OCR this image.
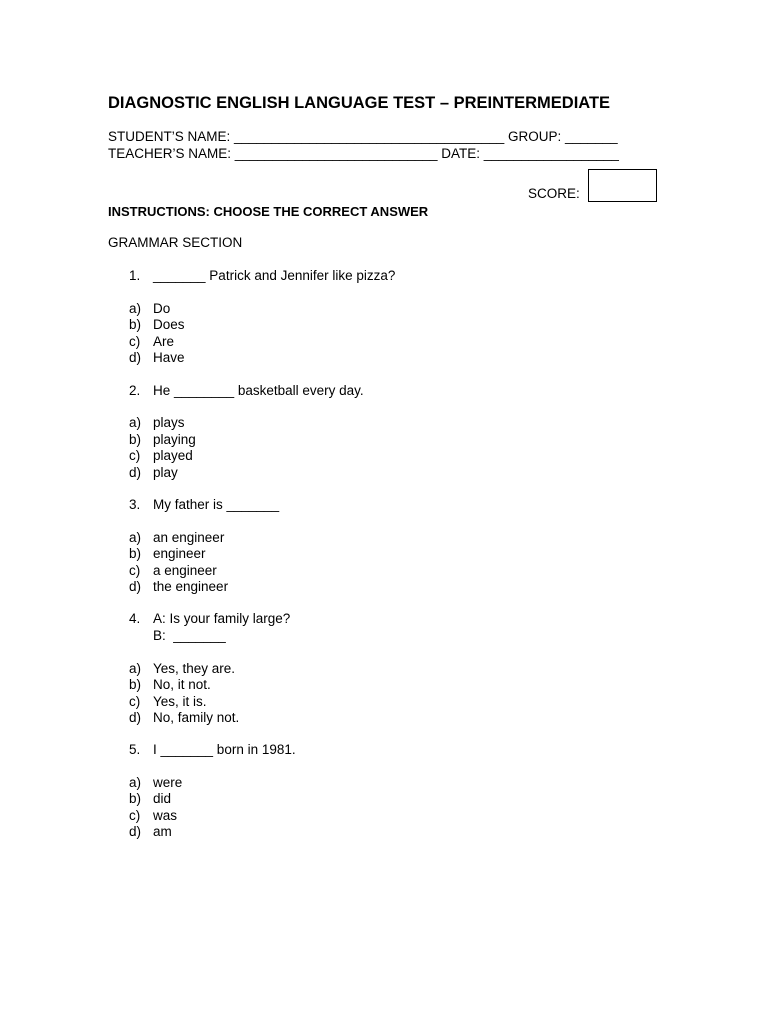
DIAGNOSTIC ENGLISH LANGUAGE TEST – PREINTERMEDIATE
STUDENT’S NAME: ____________________________________ GROUP: _______
TEACHER’S NAME: ___________________________ DATE: __________________
SCORE:
INSTRUCTIONS: CHOOSE THE CORRECT ANSWER
GRAMMAR SECTION
1. _______ Patrick and Jennifer like pizza?
a) Do
b) Does
c) Are
d) Have
2. He ________ basketball every day.
a) plays
b) playing
c) played
d) play
3. My father is _______
a) an engineer
b) engineer
c) a engineer
d) the engineer
4. A: Is your family large?
B:  _______
a) Yes, they are.
b) No, it not.
c) Yes, it is.
d) No, family not.
5. I _______ born in 1981.
a) were
b) did
c) was
d) am
